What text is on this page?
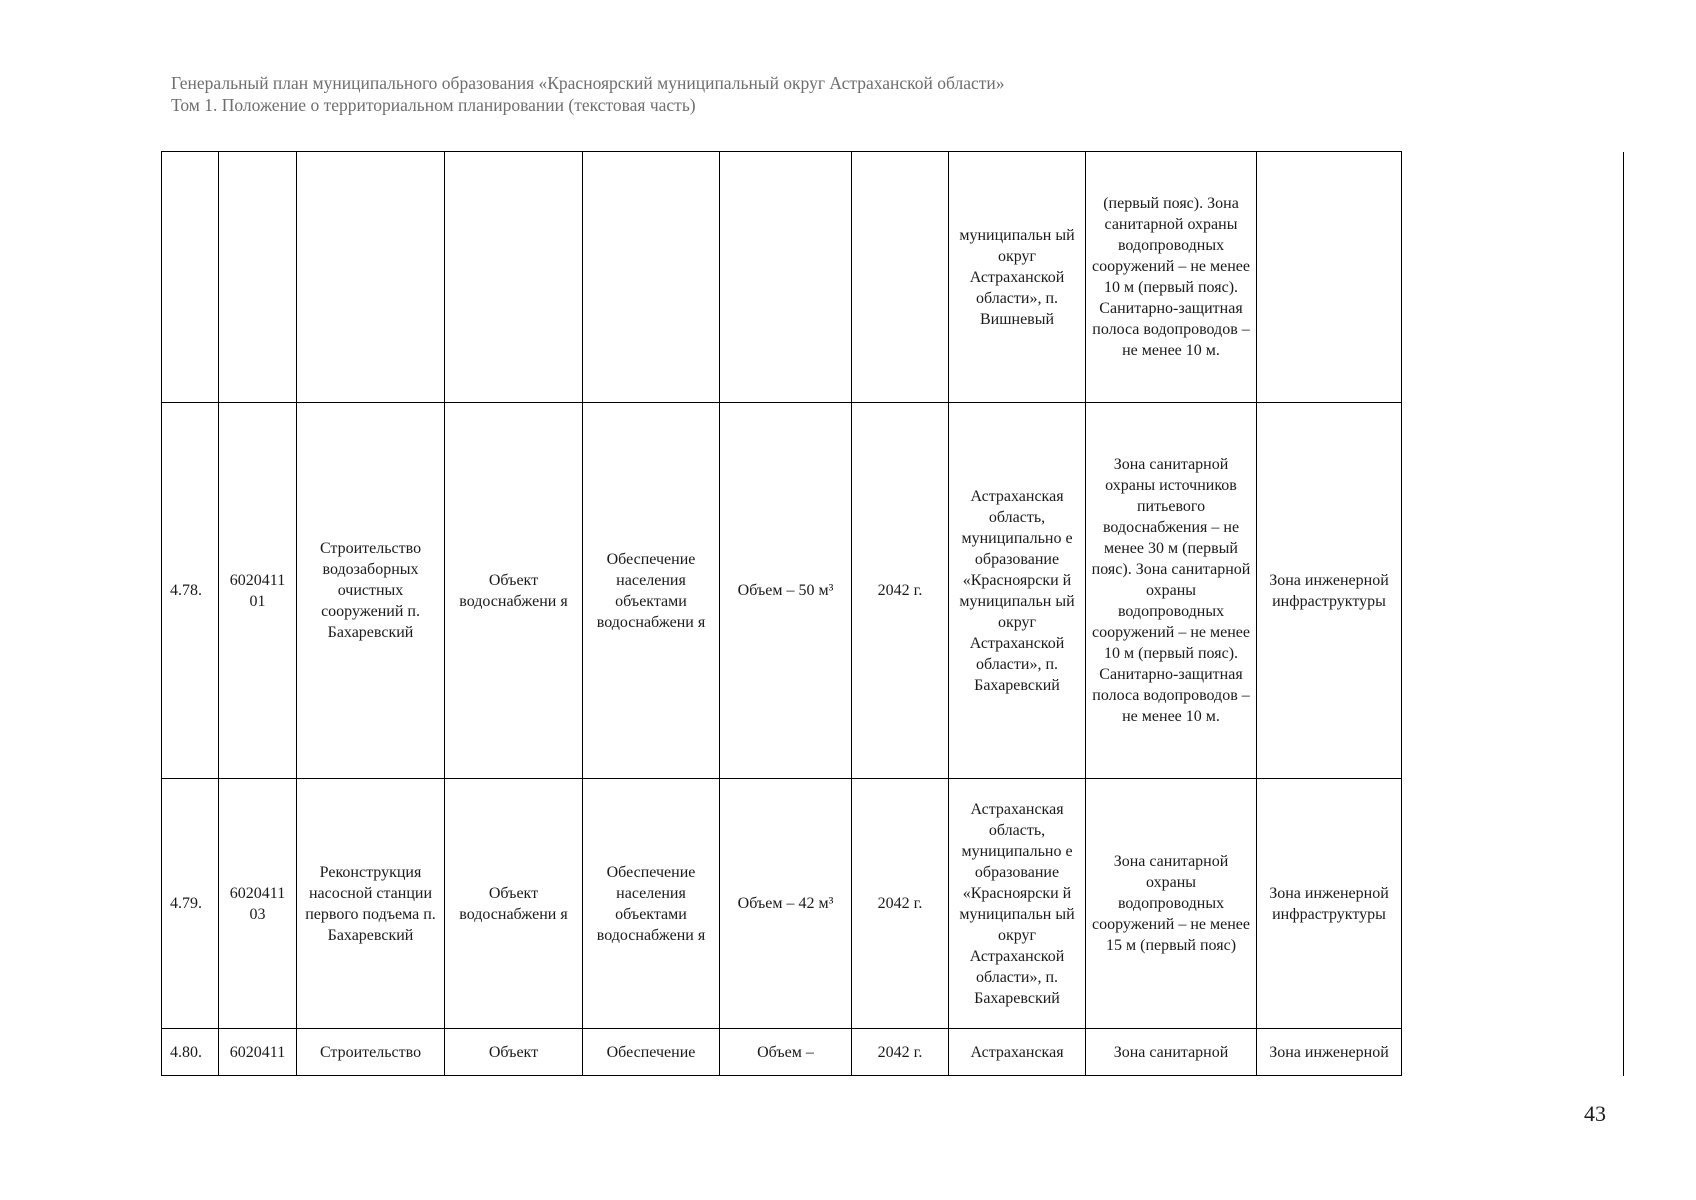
Генеральный план муниципального образования «Красноярский муниципальный округ Астраханской области»
Том 1. Положение о территориальном планировании (текстовая часть)
							муниципальн ый округ Астраханской области», п. Вишневый	(первый пояс). Зона санитарной охраны водопроводных сооружений – не менее 10 м (первый пояс). Санитарно-защитная полоса водопроводов – не менее 10 м.		
4.78.	6020411 01	Строительство водозаборных очистных сооружений п. Бахаревский	Объект водоснабжени я	Обеспечение населения объектами водоснабжени я	Объем – 50 м³	2042 г.	Астраханская область, муниципально е образование «Красноярски й муниципальн ый округ Астраханской области», п. Бахаревский	Зона санитарной охраны источников питьевого водоснабжения – не менее 30 м (первый пояс). Зона санитарной охраны водопроводных сооружений – не менее 10 м (первый пояс). Санитарно-защитная полоса водопроводов – не менее 10 м.	Зона инженерной инфраструктуры	
4.79.	6020411 03	Реконструкция насосной станции первого подъема п. Бахаревский	Объект водоснабжени я	Обеспечение населения объектами водоснабжени я	Объем – 42 м³	2042 г.	Астраханская область, муниципально е образование «Красноярски й муниципальн ый округ Астраханской области», п. Бахаревский	Зона санитарной охраны водопроводных сооружений – не менее 15 м (первый пояс)	Зона инженерной инфраструктуры	
4.80.	6020411	Строительство	Объект	Обеспечение	Объем –	2042 г.	Астраханская	Зона санитарной	Зона инженерной	
43
